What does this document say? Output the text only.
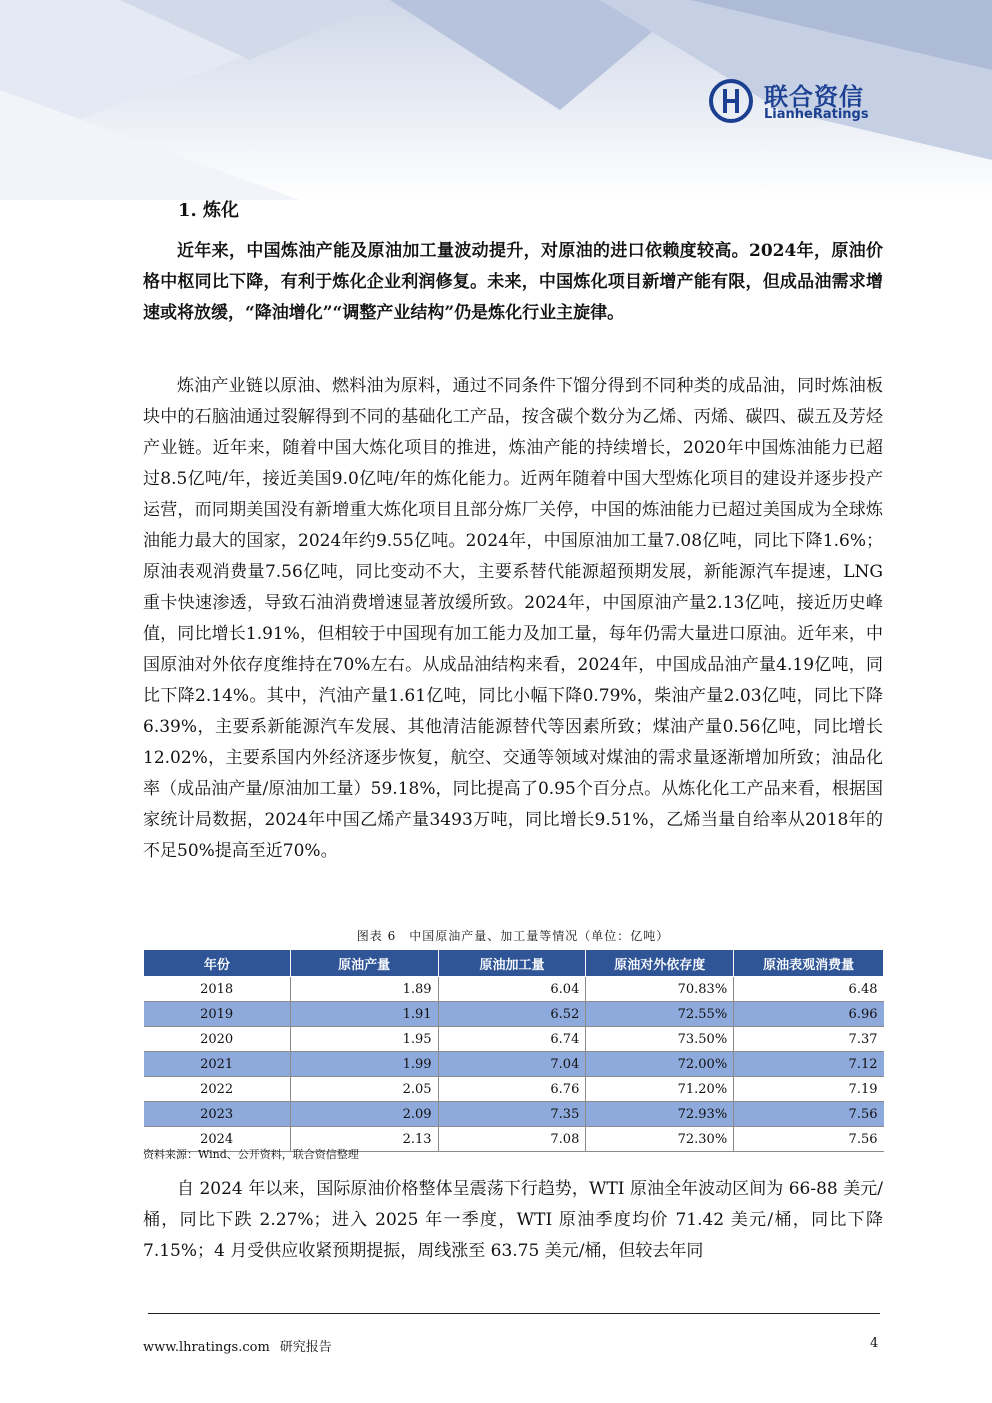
联合资信
LianheRatings
1. 炼化

近年来，中国炼油产能及原油加工量波动提升，对原油的进口依赖度较高。2024年，原油价格中枢同比下降，有利于炼化企业利润修复。未来，中国炼化项目新增产能有限，但成品油需求增速或将放缓，“降油增化”“调整产业结构”仍是炼化行业主旋律。

炼油产业链以原油、燃料油为原料，通过不同条件下馏分得到不同种类的成品油，同时炼油板块中的石脑油通过裂解得到不同的基础化工产品，按含碳个数分为乙烯、丙烯、碳四、碳五及芳烃产业链。近年来，随着中国大炼化项目的推进，炼油产能的持续增长，2020年中国炼油能力已超过8.5亿吨/年，接近美国9.0亿吨/年的炼化能力。近两年随着中国大型炼化项目的建设并逐步投产运营，而同期美国没有新增重大炼化项目且部分炼厂关停，中国的炼油能力已超过美国成为全球炼油能力最大的国家，2024年约9.55亿吨。2024年，中国原油加工量7.08亿吨，同比下降1.6%；原油表观消费量7.56亿吨，同比变动不大，主要系替代能源超预期发展，新能源汽车提速，LNG重卡快速渗透，导致石油消费增速显著放缓所致。2024年，中国原油产量2.13亿吨，接近历史峰值，同比增长1.91%，但相较于中国现有加工能力及加工量，每年仍需大量进口原油。近年来，中国原油对外依存度维持在70%左右。从成品油结构来看，2024年，中国成品油产量4.19亿吨，同比下降2.14%。其中，汽油产量1.61亿吨，同比小幅下降0.79%，柴油产量2.03亿吨，同比下降6.39%，主要系新能源汽车发展、其他清洁能源替代等因素所致；煤油产量0.56亿吨，同比增长12.02%，主要系国内外经济逐步恢复，航空、交通等领域对煤油的需求量逐渐增加所致；油品化率（成品油产量/原油加工量）59.18%，同比提高了0.95个百分点。从炼化化工产品来看，根据国家统计局数据，2024年中国乙烯产量3493万吨，同比增长9.51%，乙烯当量自给率从2018年的不足50%提高至近70%。

图表 6　中国原油产量、加工量等情况（单位：亿吨）
年份	原油产量	原油加工量	原油对外依存度	原油表观消费量
2018	1.89	6.04	70.83%	6.48
2019	1.91	6.52	72.55%	6.96
2020	1.95	6.74	73.50%	7.37
2021	1.99	7.04	72.00%	7.12
2022	2.05	6.76	71.20%	7.19
2023	2.09	7.35	72.93%	7.56
2024	2.13	7.08	72.30%	7.56
资料来源：Wind、公开资料，联合资信整理

自 2024 年以来，国际原油价格整体呈震荡下行趋势，WTI 原油全年波动区间为 66-88 美元/桶，同比下跌 2.27%；进入 2025 年一季度，WTI 原油季度均价 71.42 美元/桶，同比下降 7.15%；4 月受供应收紧预期提振，周线涨至 63.75 美元/桶，但较去年同

www.lhratings.com 研究报告	4
